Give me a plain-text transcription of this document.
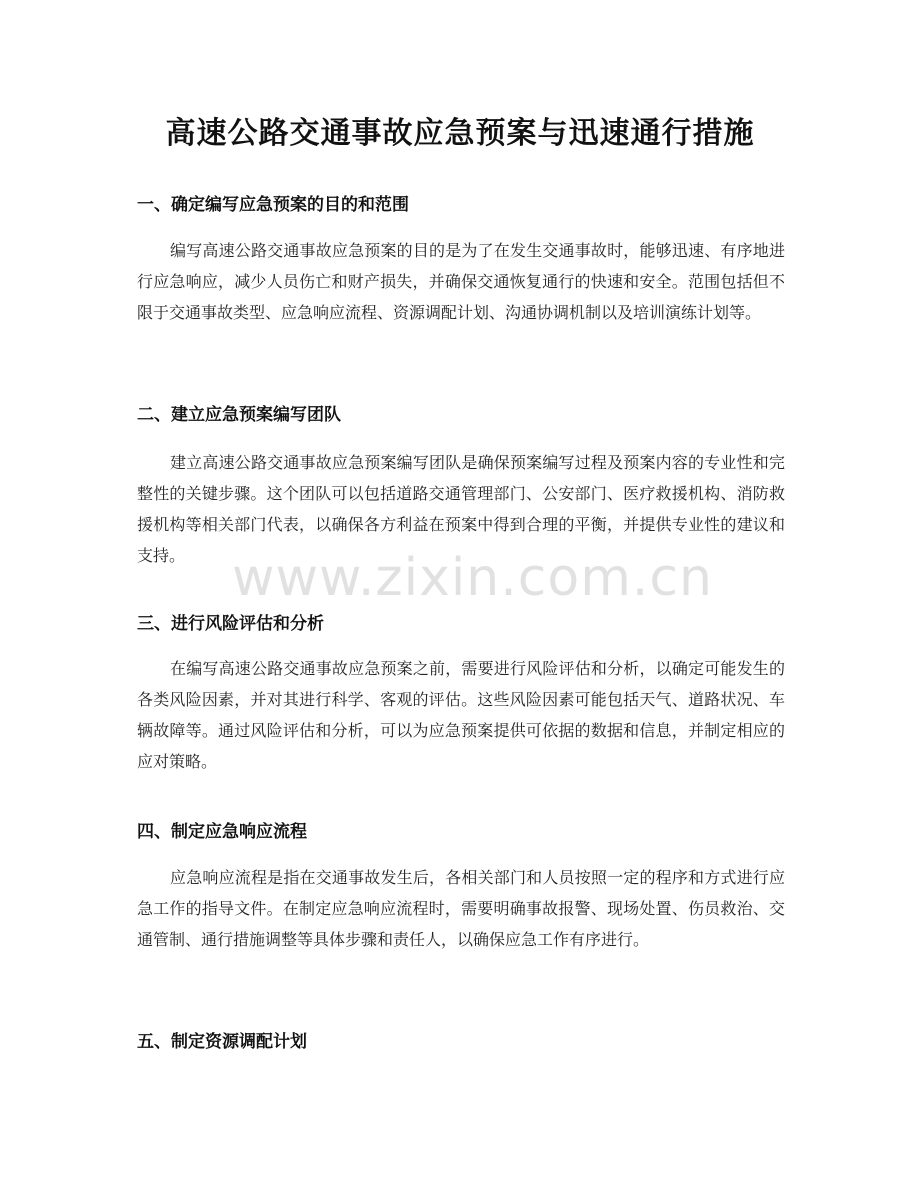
高速公路交通事故应急预案与迅速通行措施
一、确定编写应急预案的目的和范围

编写高速公路交通事故应急预案的目的是为了在发生交通事故时，能够迅速、有序地进行应急响应，减少人员伤亡和财产损失，并确保交通恢复通行的快速和安全。范围包括但不限于交通事故类型、应急响应流程、资源调配计划、沟通协调机制以及培训演练计划等。

二、建立应急预案编写团队

建立高速公路交通事故应急预案编写团队是确保预案编写过程及预案内容的专业性和完整性的关键步骤。这个团队可以包括道路交通管理部门、公安部门、医疗救援机构、消防救援机构等相关部门代表，以确保各方利益在预案中得到合理的平衡，并提供专业性的建议和支持。

三、进行风险评估和分析

在编写高速公路交通事故应急预案之前，需要进行风险评估和分析，以确定可能发生的各类风险因素，并对其进行科学、客观的评估。这些风险因素可能包括天气、道路状况、车辆故障等。通过风险评估和分析，可以为应急预案提供可依据的数据和信息，并制定相应的应对策略。

四、制定应急响应流程

应急响应流程是指在交通事故发生后，各相关部门和人员按照一定的程序和方式进行应急工作的指导文件。在制定应急响应流程时，需要明确事故报警、现场处置、伤员救治、交通管制、通行措施调整等具体步骤和责任人，以确保应急工作有序进行。

五、制定资源调配计划
www.zixin.com.cn
